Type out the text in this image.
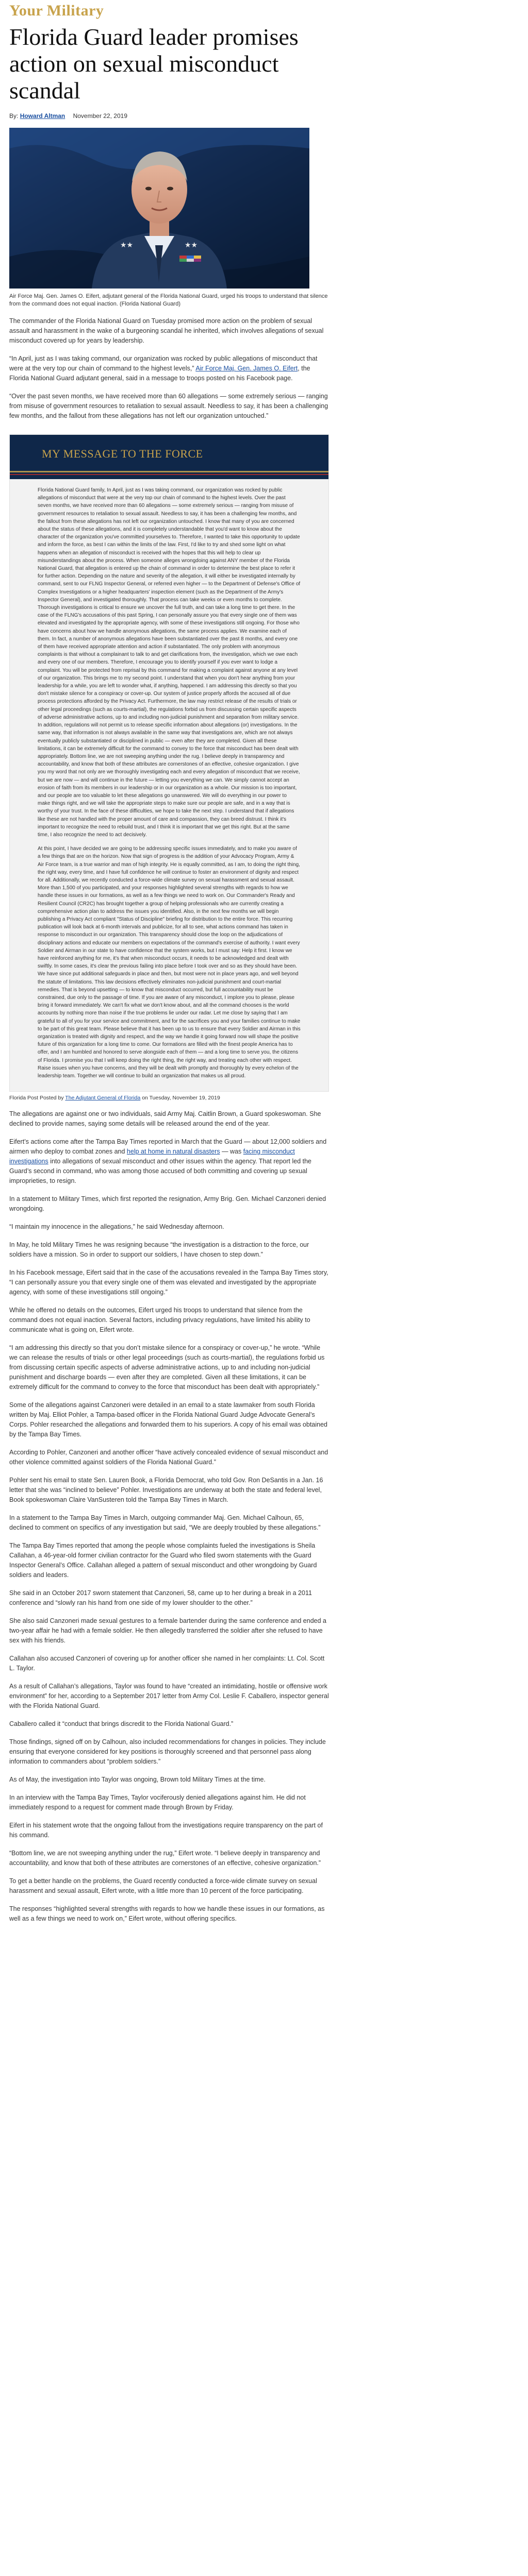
Your Military
Florida Guard leader promises action on sexual misconduct scandal
By: Howard Altman November 22, 2019
★★	★★

Air Force Maj. Gen. James O. Eifert, adjutant general of the Florida National Guard, urged his troops to understand that silence from the command does not equal inaction. (Florida National Guard)

The commander of the Florida National Guard on Tuesday promised more action on the problem of sexual assault and harassment in the wake of a burgeoning scandal he inherited, which involves allegations of sexual misconduct covered up for years by leadership.

“In April, just as I was taking command, our organization was rocked by public allegations of misconduct that were at the very top our chain of command to the highest levels,” Air Force Maj. Gen. James O. Eifert, the Florida National Guard adjutant general, said in a message to troops posted on his Facebook page.

“Over the past seven months, we have received more than 60 allegations — some extremely serious — ranging from misuse of government resources to retaliation to sexual assault. Needless to say, it has been a challenging few months, and the fallout from these allegations has not left our organization untouched.”

MY MESSAGE TO THE FORCE

Florida National Guard family, In April, just as I was taking command, our organization was rocked by public allegations of misconduct that were at the very top our chain of command to the highest levels. Over the past seven months, we have received more than 60 allegations — some extremely serious — ranging from misuse of government resources to retaliation to sexual assault. Needless to say, it has been a challenging few months, and the fallout from these allegations has not left our organization untouched. I know that many of you are concerned about the status of these allegations, and it is completely understandable that you'd want to know about the character of the organization you've committed yourselves to. Therefore, I wanted to take this opportunity to update and inform the force, as best I can within the limits of the law. First, I'd like to try and shed some light on what happens when an allegation of misconduct is received with the hopes that this will help to clear up misunderstandings about the process. When someone alleges wrongdoing against ANY member of the Florida National Guard, that allegation is entered up the chain of command in order to determine the best place to refer it for further action. Depending on the nature and severity of the allegation, it will either be investigated internally by command, sent to our FLNG Inspector General, or referred even higher — to the Department of Defense's Office of Complex Investigations or a higher headquarters' inspection element (such as the Department of the Army's Inspector General), and investigated thoroughly. That process can take weeks or even months to complete. Thorough investigations is critical to ensure we uncover the full truth, and can take a long time to get there. In the case of the FLNG's accusations of this past Spring, I can personally assure you that every single one of them was elevated and investigated by the appropriate agency, with some of these investigations still ongoing. For those who have concerns about how we handle anonymous allegations, the same process applies. We examine each of them. In fact, a number of anonymous allegations have been substantiated over the past 8 months, and every one of them have received appropriate attention and action if substantiated. The only problem with anonymous complaints is that without a complainant to talk to and get clarifications from, the investigation, which we owe each and every one of our members. Therefore, I encourage you to identify yourself if you ever want to lodge a complaint. You will be protected from reprisal by this command for making a complaint against anyone at any level of our organization. This brings me to my second point. I understand that when you don't hear anything from your leadership for a while, you are left to wonder what, if anything, happened. I am addressing this directly so that you don't mistake silence for a conspiracy or cover-up. Our system of justice properly affords the accused all of due process protections afforded by the Privacy Act. Furthermore, the law may restrict release of the results of trials or other legal proceedings (such as courts-martial), the regulations forbid us from discussing certain specific aspects of adverse administrative actions, up to and including non-judicial punishment and separation from military service. In addition, regulations will not permit us to release specific information about allegations (or) investigations. In the same way, that information is not always available in the same way that investigations are, which are not always eventually publicly substantiated or disciplined in public — even after they are completed. Given all these limitations, it can be extremely difficult for the command to convey to the force that misconduct has been dealt with appropriately. Bottom line, we are not sweeping anything under the rug. I believe deeply in transparency and accountability, and know that both of these attributes are cornerstones of an effective, cohesive organization. I give you my word that not only are we thoroughly investigating each and every allegation of misconduct that we receive, but we are now — and will continue in the future — letting you everything we can. We simply cannot accept an erosion of faith from its members in our leadership or in our organization as a whole. Our mission is too important, and our people are too valuable to let these allegations go unanswered. We will do everything in our power to make things right, and we will take the appropriate steps to make sure our people are safe, and in a way that is worthy of your trust. In the face of these difficulties, we hope to take the next step. I understand that if allegations like these are not handled with the proper amount of care and compassion, they can breed distrust. I think it's important to recognize the need to rebuild trust, and I think it is important that we get this right. But at the same time, I also recognize the need to act decisively.

At this point, I have decided we are going to be addressing specific issues immediately, and to make you aware of a few things that are on the horizon. Now that sign of progress is the addition of your Advocacy Program, Army & Air Force team, is a true warrior and man of high integrity. He is equally committed, as I am, to doing the right thing, the right way, every time, and I have full confidence he will continue to foster an environment of dignity and respect for all. Additionally, we recently conducted a force-wide climate survey on sexual harassment and sexual assault. More than 1,500 of you participated, and your responses highlighted several strengths with regards to how we handle these issues in our formations, as well as a few things we need to work on. Our Commander's Ready and Resilient Council (CR2C) has brought together a group of helping professionals who are currently creating a comprehensive action plan to address the issues you identified. Also, in the next few months we will begin publishing a Privacy Act compliant "Status of Discipline" briefing for distribution to the entire force. This recurring publication will look back at 6-month intervals and publicize, for all to see, what actions command has taken in response to misconduct in our organization. This transparency should close the loop on the adjudications of disciplinary actions and educate our members on expectations of the command's exercise of authority. I want every Soldier and Airman in our state to have confidence that the system works, but I must say: Help it first. I know we have reinforced anything for me, it's that when misconduct occurs, it needs to be acknowledged and dealt with swiftly. In some cases, it's clear the previous failing into place before I took over and so as they should have been. We have since put additional safeguards in place and then, but most were not in place years ago, and well beyond the statute of limitations. This law decisions effectively eliminates non-judicial punishment and court-martial remedies. That is beyond upsetting — to know that misconduct occurred, but full accountability must be constrained, due only to the passage of time. If you are aware of any misconduct, I implore you to please, please bring it forward immediately. We can't fix what we don't know about, and all the command chooses is the world accounts by nothing more than noise if the true problems lie under our radar. Let me close by saying that I am grateful to all of you for your service and commitment, and for the sacrifices you and your families continue to make to be part of this great team. Please believe that it has been up to us to ensure that every Soldier and Airman in this organization is treated with dignity and respect, and the way we handle it going forward now will shape the positive future of this organization for a long time to come. Our formations are filled with the finest people America has to offer, and I am humbled and honored to serve alongside each of them — and a long time to serve you, the citizens of Florida. I promise you that I will keep doing the right thing, the right way, and treating each other with respect. Raise issues when you have concerns, and they will be dealt with promptly and thoroughly by every echelon of the leadership team. Together we will continue to build an organization that makes us all proud.

Florida Post Posted by The Adjutant General of Florida on Tuesday, November 19, 2019

The allegations are against one or two individuals, said Army Maj. Caitlin Brown, a Guard spokeswoman. She declined to provide names, saying some details will be released around the end of the year.

Eifert’s actions come after the Tampa Bay Times reported in March that the Guard — about 12,000 soldiers and airmen who deploy to combat zones and help at home in natural disasters — was facing misconduct investigations into allegations of sexual misconduct and other issues within the agency. That report led the Guard’s second in command, who was among those accused of both committing and covering up sexual improprieties, to resign.

In a statement to Military Times, which first reported the resignation, Army Brig. Gen. Michael Canzoneri denied wrongdoing.

“I maintain my innocence in the allegations,” he said Wednesday afternoon.

In May, he told Military Times he was resigning because “the investigation is a distraction to the force, our soldiers have a mission. So in order to support our soldiers, I have chosen to step down.”

In his Facebook message, Eifert said that in the case of the accusations revealed in the Tampa Bay Times story, “I can personally assure you that every single one of them was elevated and investigated by the appropriate agency, with some of these investigations still ongoing.”

While he offered no details on the outcomes, Eifert urged his troops to understand that silence from the command does not equal inaction. Several factors, including privacy regulations, have limited his ability to communicate what is going on, Eifert wrote.

“I am addressing this directly so that you don’t mistake silence for a conspiracy or cover-up,” he wrote. “While we can release the results of trials or other legal proceedings (such as courts-martial), the regulations forbid us from discussing certain specific aspects of adverse administrative actions, up to and including non-judicial punishment and discharge boards — even after they are completed. Given all these limitations, it can be extremely difficult for the command to convey to the force that misconduct has been dealt with appropriately.”

Some of the allegations against Canzoneri were detailed in an email to a state lawmaker from south Florida written by Maj. Elliot Pohler, a Tampa-based officer in the Florida National Guard Judge Advocate General’s Corps. Pohler researched the allegations and forwarded them to his superiors. A copy of his email was obtained by the Tampa Bay Times.

According to Pohler, Canzoneri and another officer “have actively concealed evidence of sexual misconduct and other violence committed against soldiers of the Florida National Guard.”

Pohler sent his email to state Sen. Lauren Book, a Florida Democrat, who told Gov. Ron DeSantis in a Jan. 16 letter that she was “inclined to believe” Pohler. Investigations are underway at both the state and federal level, Book spokeswoman Claire VanSusteren told the Tampa Bay Times in March.

In a statement to the Tampa Bay Times in March, outgoing commander Maj. Gen. Michael Calhoun, 65, declined to comment on specifics of any investigation but said, “We are deeply troubled by these allegations.”

The Tampa Bay Times reported that among the people whose complaints fueled the investigations is Sheila Callahan, a 46-year-old former civilian contractor for the Guard who filed sworn statements with the Guard Inspector General’s Office. Callahan alleged a pattern of sexual misconduct and other wrongdoing by Guard soldiers and leaders.

She said in an October 2017 sworn statement that Canzoneri, 58, came up to her during a break in a 2011 conference and “slowly ran his hand from one side of my lower shoulder to the other.”

She also said Canzoneri made sexual gestures to a female bartender during the same conference and ended a two-year affair he had with a female soldier. He then allegedly transferred the soldier after she refused to have sex with his friends.

Callahan also accused Canzoneri of covering up for another officer she named in her complaints: Lt. Col. Scott L. Taylor.

As a result of Callahan’s allegations, Taylor was found to have “created an intimidating, hostile or offensive work environment” for her, according to a September 2017 letter from Army Col. Leslie F. Caballero, inspector general with the Florida National Guard.

Caballero called it “conduct that brings discredit to the Florida National Guard.”

Those findings, signed off on by Calhoun, also included recommendations for changes in policies. They include ensuring that everyone considered for key positions is thoroughly screened and that personnel pass along information to commanders about “problem soldiers.”

As of May, the investigation into Taylor was ongoing, Brown told Military Times at the time.

In an interview with the Tampa Bay Times, Taylor vociferously denied allegations against him. He did not immediately respond to a request for comment made through Brown by Friday.

Eifert in his statement wrote that the ongoing fallout from the investigations require transparency on the part of his command.

“Bottom line, we are not sweeping anything under the rug,” Eifert wrote. “I believe deeply in transparency and accountability, and know that both of these attributes are cornerstones of an effective, cohesive organization.”

To get a better handle on the problems, the Guard recently conducted a force-wide climate survey on sexual harassment and sexual assault, Eifert wrote, with a little more than 10 percent of the force participating.

The responses “highlighted several strengths with regards to how we handle these issues in our formations, as well as a few things we need to work on,” Eifert wrote, without offering specifics.
